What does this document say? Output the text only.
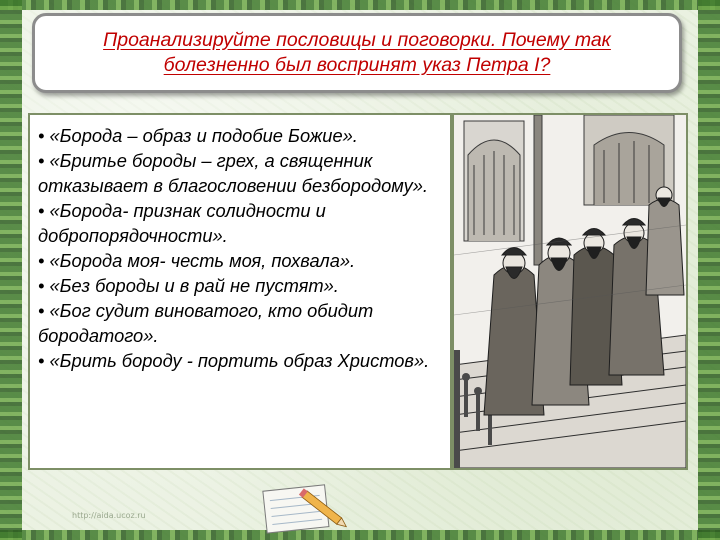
Проанализируйте пословицы и поговорки. Почему так
болезненно был воспринят указ Петра I?
• «Борода – образ и подобие Божие».
• «Бритье бороды – грех, а священник отказывает в благословении безбородому».
• «Борода- признак солидности и добропорядочности».
• «Борода моя- честь моя, похвала».
• «Без бороды и в рай не пустят».
• «Бог судит виноватого, кто обидит бородатого».
• «Брить бороду - портить образ Христов».
http://aida.ucoz.ru
